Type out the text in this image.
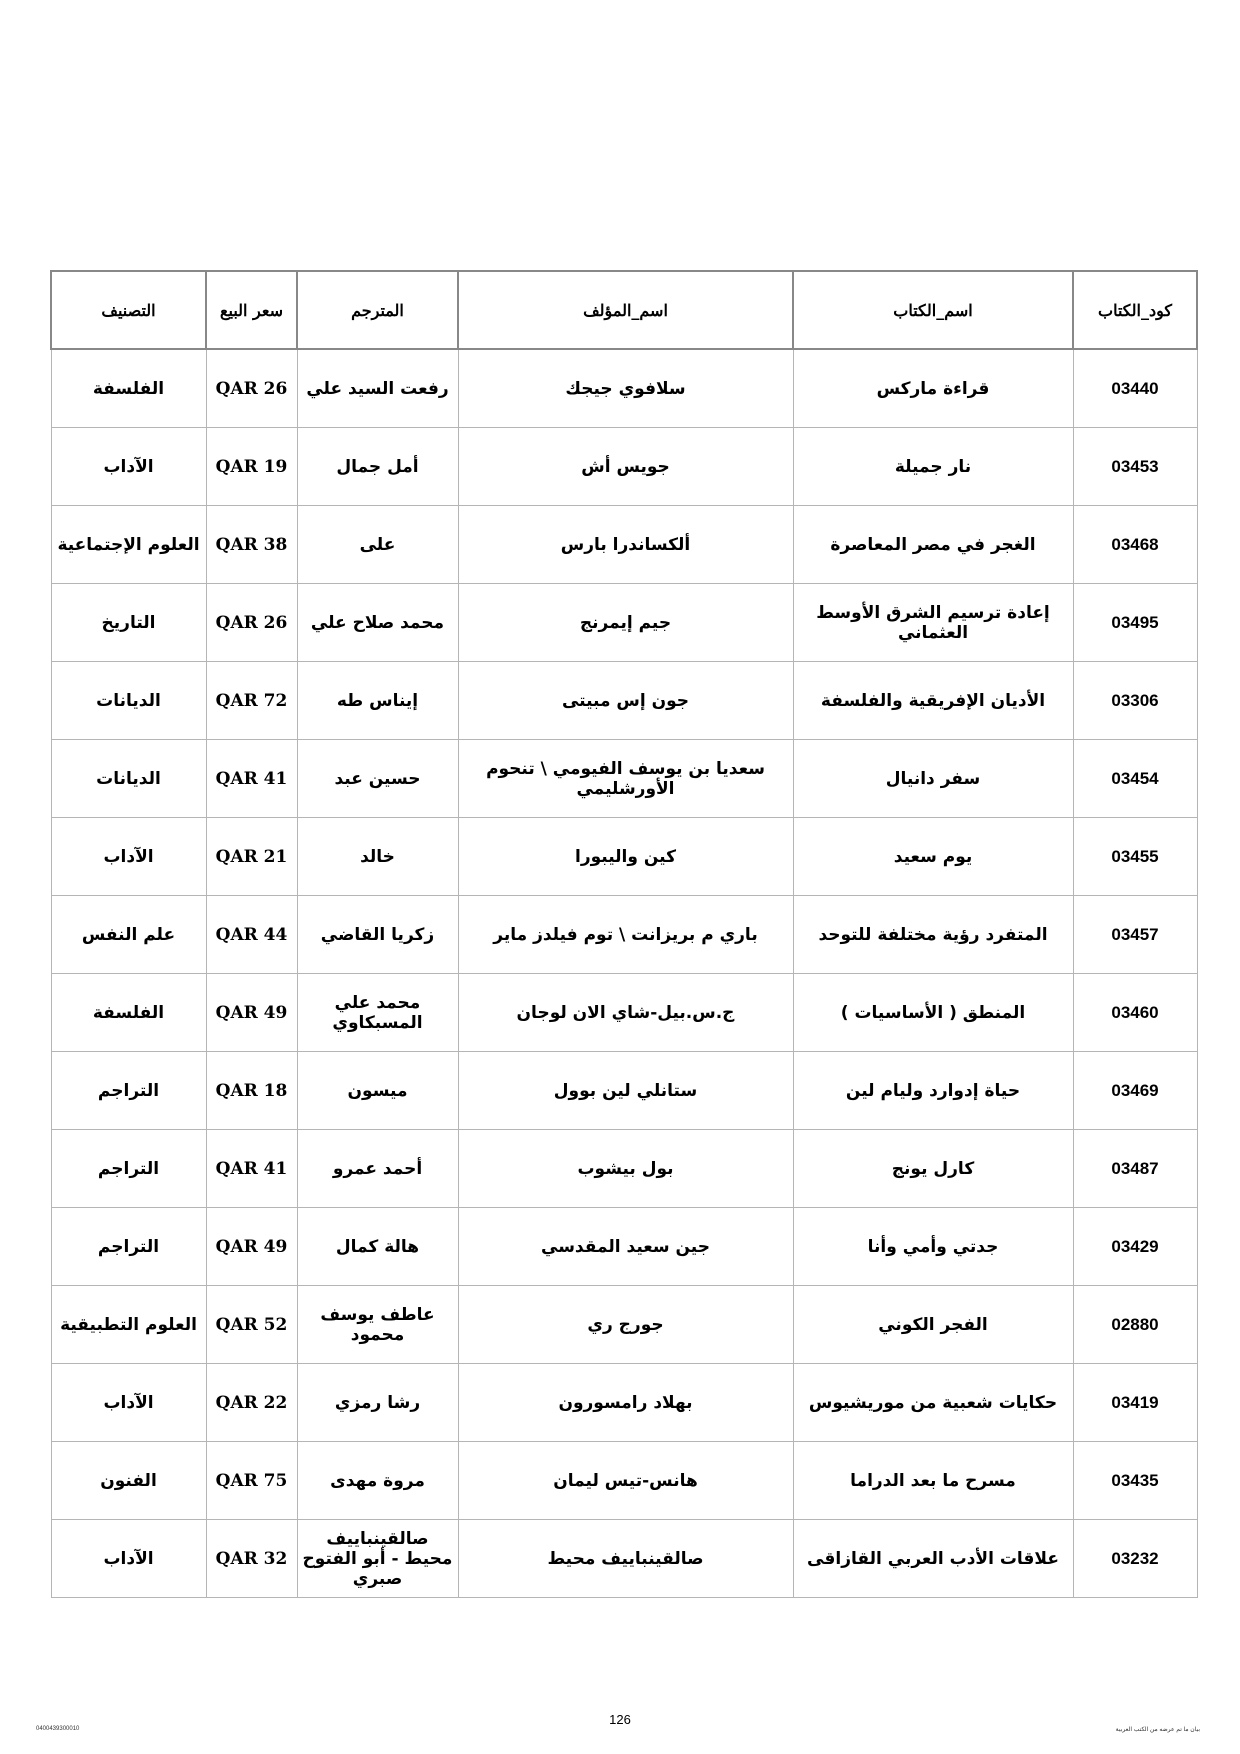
كود_الكتاب	اسم_الكتاب	اسم_المؤلف	المترجم	سعر البيع	التصنيف
03440	قراءة ماركس	سلافوي جيجك	رفعت السيد علي	QAR 26	الفلسفة
03453	نار جميلة	جويس أش	أمل جمال	QAR 19	الآداب
03468	الغجر في مصر المعاصرة	ألكساندرا بارس	على	QAR 38	العلوم الإجتماعية
03495	إعادة ترسيم الشرق الأوسط العثماني	جيم إيمرنج	محمد صلاح علي	QAR 26	التاريخ
03306	الأديان الإفريقية والفلسفة	جون إس مبيتى	إيناس طه	QAR 72	الديانات
03454	سفر دانيال	سعديا بن يوسف الفيومي \ تنحوم الأورشليمي	حسين عبد	QAR 41	الديانات
03455	يوم سعيد	كين واليبورا	خالد	QAR 21	الآداب
03457	المتفرد رؤية مختلفة للتوحد	باري م بريزانت \ توم فيلدز ماير	زكريا القاضي	QAR 44	علم النفس
03460	المنطق ( الأساسيات )	ج.س.بيل-شاي الان لوجان	محمد علي المسبكاوي	QAR 49	الفلسفة
03469	حياة إدوارد وليام لين	ستانلي لين بوول	ميسون	QAR 18	التراجم
03487	كارل يونج	بول بيشوب	أحمد عمرو	QAR 41	التراجم
03429	جدتي وأمي وأنا	جين سعيد المقدسي	هالة كمال	QAR 49	التراجم
02880	الفجر الكوني	جورج ري	عاطف يوسف محمود	QAR 52	العلوم التطبيقية
03419	حكايات شعبية من موريشيوس	بهلاد رامسورون	رشا رمزي	QAR 22	الآداب
03435	مسرح ما بعد الدراما	هانس-تيس ليمان	مروة مهدى	QAR 75	الفنون
03232	علاقات الأدب العربي القازاقى	صالقينباييف محيط	صالقينباييف محيط - أبو الفتوح صبري	QAR 32	الآداب
126
0400439300010	بيان ما تم عرضه من الكتب العربية
